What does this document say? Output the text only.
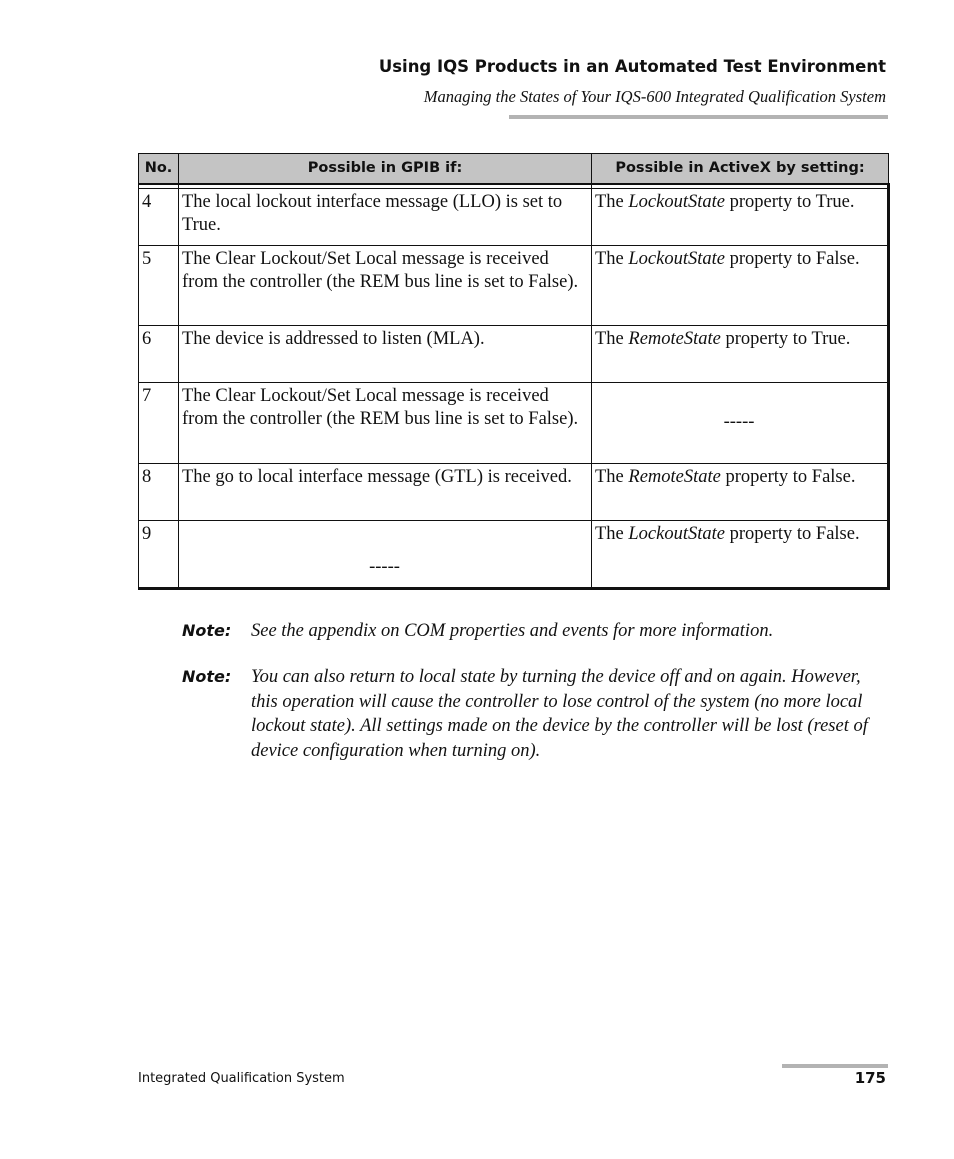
Using IQS Products in an Automated Test Environment
Managing the States of Your IQS-600 Integrated Qualification System
No.	Possible in GPIB if:	Possible in ActiveX by setting:

4	The local lockout interface message (LLO) is set to True.	The LockoutState property to True.
5	The Clear Lockout/Set Local message is received from the controller (the REM bus line is set to False).	The LockoutState property to False.
6	The device is addressed to listen (MLA).	The RemoteState property to True.
7	The Clear Lockout/Set Local message is received from the controller (the REM bus line is set to False).	-----
8	The go to local interface message (GTL) is received.	The RemoteState property to False.
9	-----	The LockoutState property to False.
Note: See the appendix on COM properties and events for more information.
Note: You can also return to local state by turning the device off and on again. However, this operation will cause the controller to lose control of the system (no more local lockout state). All settings made on the device by the controller will be lost (reset of device configuration when turning on).
Integrated Qualification System	175
